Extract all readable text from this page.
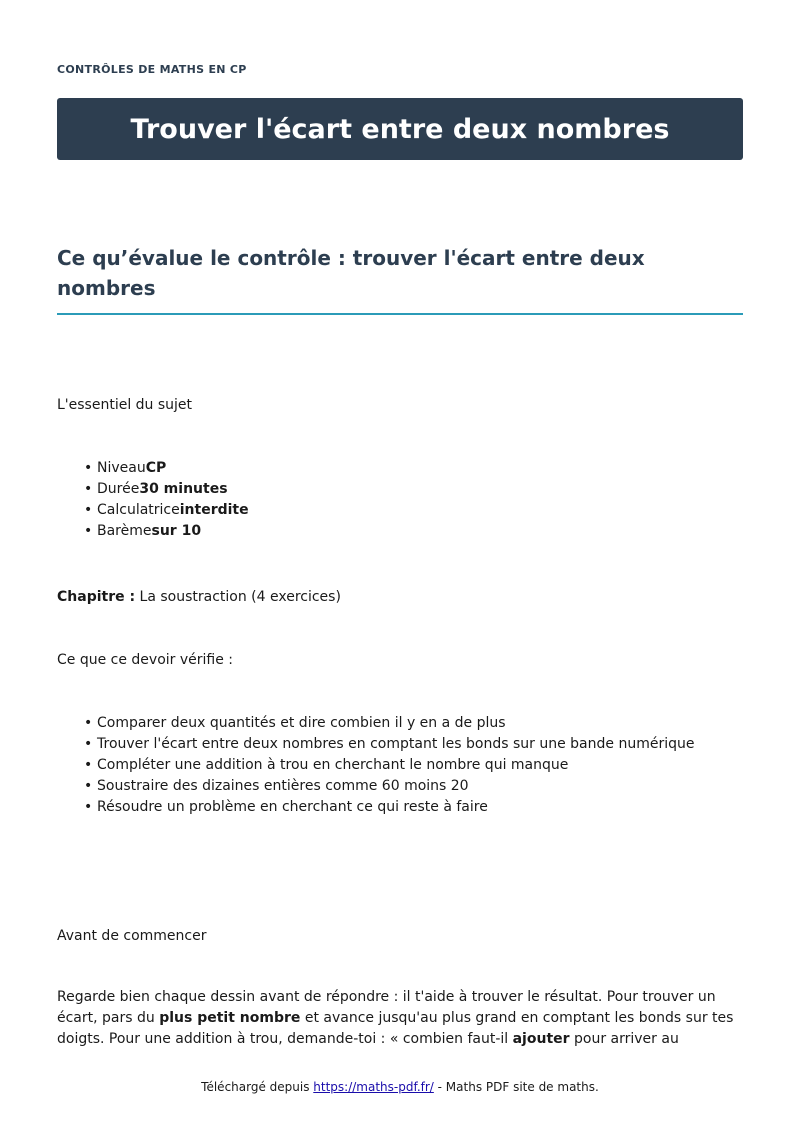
CONTRÔLES DE MATHS EN CP
Trouver l'écart entre deux nombres
Ce qu’évalue le contrôle : trouver l'écart entre deux nombres

L'essentiel du sujet

• NiveauCP
• Durée30 minutes
• Calculatriceinterdite
• Barèmesur 10

Chapitre : La soustraction (4 exercices)

Ce que ce devoir vérifie :

• Comparer deux quantités et dire combien il y en a de plus
• Trouver l'écart entre deux nombres en comptant les bonds sur une bande numérique
• Compléter une addition à trou en cherchant le nombre qui manque
• Soustraire des dizaines entières comme 60 moins 20
• Résoudre un problème en cherchant ce qui reste à faire

Avant de commencer

Regarde bien chaque dessin avant de répondre : il t'aide à trouver le résultat. Pour trouver un écart, pars du plus petit nombre et avance jusqu'au plus grand en comptant les bonds sur tes doigts. Pour une addition à trou, demande-toi : « combien faut-il ajouter pour arriver au

Téléchargé depuis https://maths-pdf.fr/ - Maths PDF site de maths.
